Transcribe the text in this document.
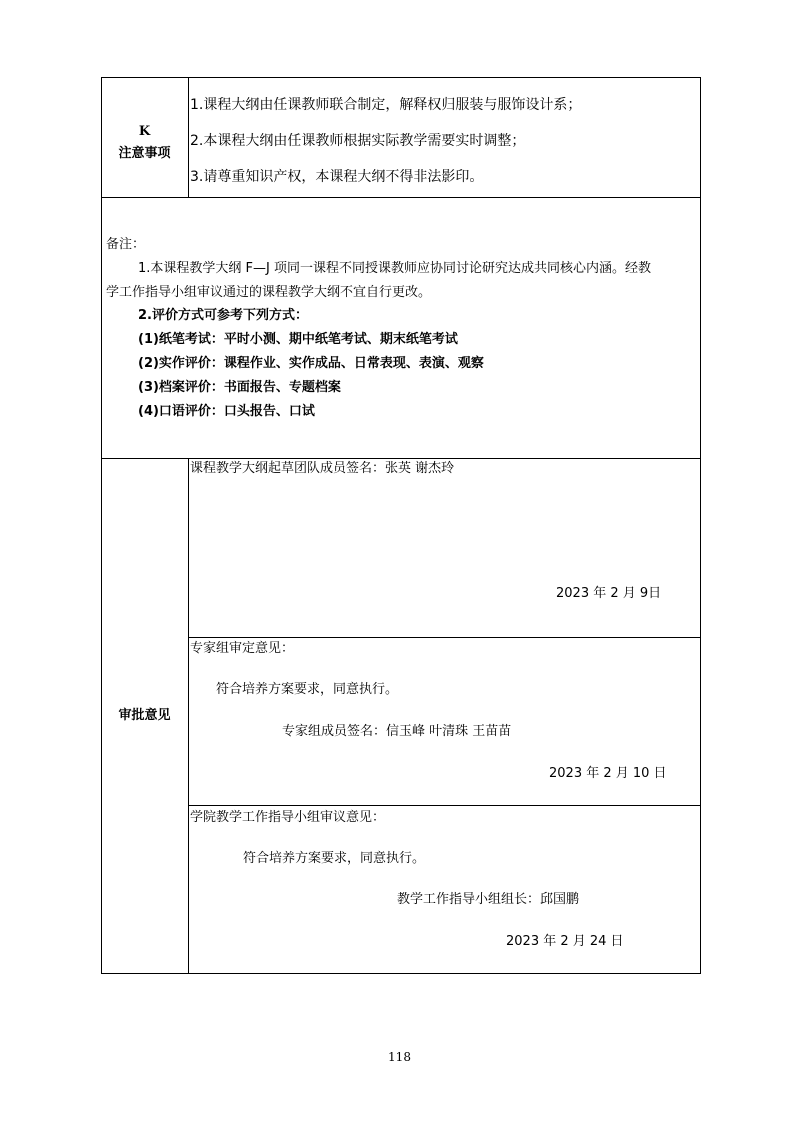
K
注意事项
1.课程大纲由任课教师联合制定，解释权归服装与服饰设计系；
2.本课程大纲由任课教师根据实际教学需要实时调整；
3.请尊重知识产权，本课程大纲不得非法影印。
备注：
1.本课程教学大纲 F—J 项同一课程不同授课教师应协同讨论研究达成共同核心内涵。经教
学工作指导小组审议通过的课程教学大纲不宜自行更改。
2.评价方式可参考下列方式：
(1)纸笔考试：平时小测、期中纸笔考试、期末纸笔考试
(2)实作评价：课程作业、实作成品、日常表现、表演、观察
(3)档案评价：书面报告、专题档案
(4)口语评价：口头报告、口试
审批意见
课程教学大纲起草团队成员签名：张英 谢杰玲
2023 年 2 月 9日
专家组审定意见：
符合培养方案要求，同意执行。
专家组成员签名：信玉峰 叶清珠 王苗苗
2023 年 2 月 10 日
学院教学工作指导小组审议意见：
符合培养方案要求，同意执行。
教学工作指导小组组长：邱国鹏
2023 年 2 月 24 日
118
